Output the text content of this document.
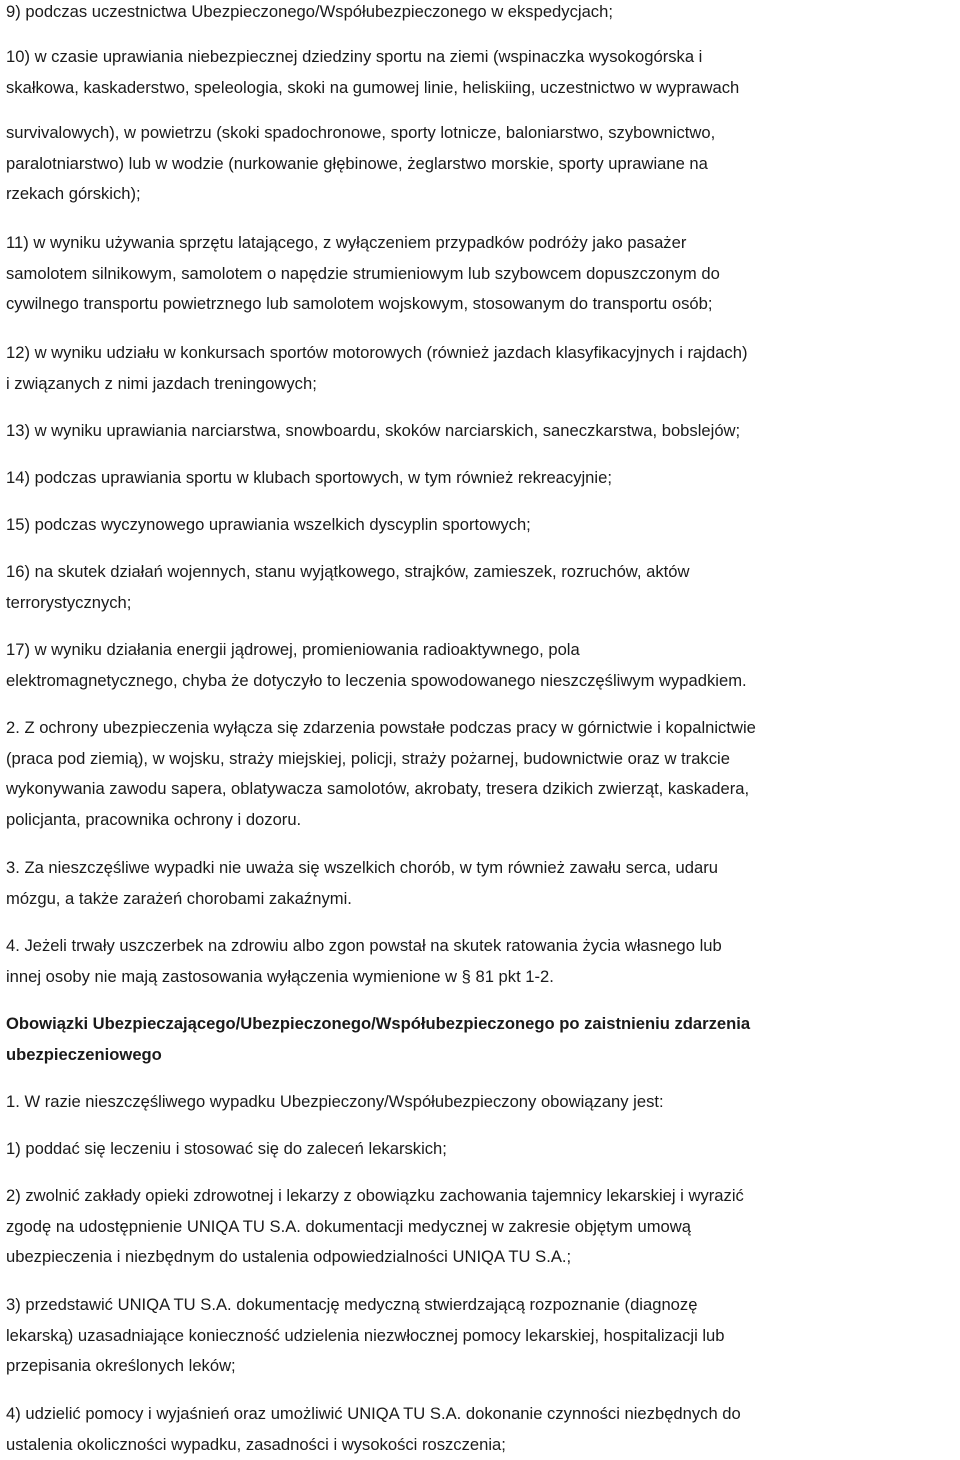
9) podczas uczestnictwa Ubezpieczonego/Współubezpieczonego w ekspedycjach;

10) w czasie uprawiania niebezpiecznej dziedziny sportu na ziemi (wspinaczka wysokogórska i
skałkowa, kaskaderstwo, speleologia, skoki na gumowej linie, heliskiing, uczestnictwo w wyprawach

survivalowych), w powietrzu (skoki spadochronowe, sporty lotnicze, baloniarstwo, szybownictwo,
paralotniarstwo) lub w wodzie (nurkowanie głębinowe, żeglarstwo morskie, sporty uprawiane na
rzekach górskich);

11) w wyniku używania sprzętu latającego, z wyłączeniem przypadków podróży jako pasażer
samolotem silnikowym, samolotem o napędzie strumieniowym lub szybowcem dopuszczonym do
cywilnego transportu powietrznego lub samolotem wojskowym, stosowanym do transportu osób;

12) w wyniku udziału w konkursach sportów motorowych (również jazdach klasyfikacyjnych i rajdach)
i związanych z nimi jazdach treningowych;

13) w wyniku uprawiania narciarstwa, snowboardu, skoków narciarskich, saneczkarstwa, bobslejów;

14) podczas uprawiania sportu w klubach sportowych, w tym również rekreacyjnie;

15) podczas wyczynowego uprawiania wszelkich dyscyplin sportowych;

16) na skutek działań wojennych, stanu wyjątkowego, strajków, zamieszek, rozruchów, aktów
terrorystycznych;

17) w wyniku działania energii jądrowej, promieniowania radioaktywnego, pola
elektromagnetycznego, chyba że dotyczyło to leczenia spowodowanego nieszczęśliwym wypadkiem.

2. Z ochrony ubezpieczenia wyłącza się zdarzenia powstałe podczas pracy w górnictwie i kopalnictwie
(praca pod ziemią), w wojsku, straży miejskiej, policji, straży pożarnej, budownictwie oraz w trakcie
wykonywania zawodu sapera, oblatywacza samolotów, akrobaty, tresera dzikich zwierząt, kaskadera,
policjanta, pracownika ochrony i dozoru.

3. Za nieszczęśliwe wypadki nie uważa się wszelkich chorób, w tym również zawału serca, udaru
mózgu, a także zarażeń chorobami zakaźnymi.

4. Jeżeli trwały uszczerbek na zdrowiu albo zgon powstał na skutek ratowania życia własnego lub
innej osoby nie mają zastosowania wyłączenia wymienione w § 81 pkt 1-2.

Obowiązki Ubezpieczającego/Ubezpieczonego/Współubezpieczonego po zaistnieniu zdarzenia
ubezpieczeniowego

1. W razie nieszczęśliwego wypadku Ubezpieczony/Współubezpieczony obowiązany jest:

1) poddać się leczeniu i stosować się do zaleceń lekarskich;

2) zwolnić zakłady opieki zdrowotnej i lekarzy z obowiązku zachowania tajemnicy lekarskiej i wyrazić
zgodę na udostępnienie UNIQA TU S.A. dokumentacji medycznej w zakresie objętym umową
ubezpieczenia i niezbędnym do ustalenia odpowiedzialności UNIQA TU S.A.;

3) przedstawić UNIQA TU S.A. dokumentację medyczną stwierdzającą rozpoznanie (diagnozę
lekarską) uzasadniające konieczność udzielenia niezwłocznej pomocy lekarskiej, hospitalizacji lub
przepisania określonych leków;

4) udzielić pomocy i wyjaśnień oraz umożliwić UNIQA TU S.A. dokonanie czynności niezbędnych do
ustalenia okoliczności wypadku, zasadności i wysokości roszczenia;
